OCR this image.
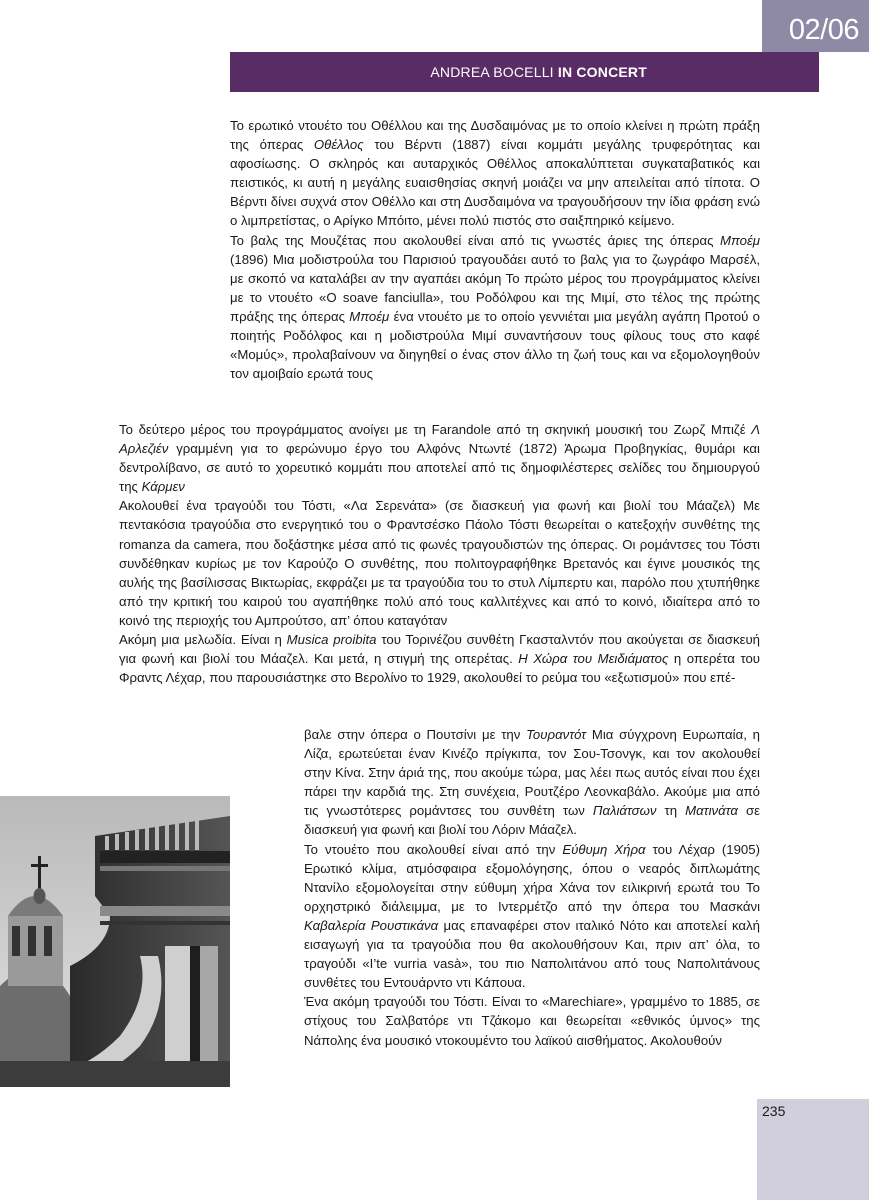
02/06
ANDREA BOCELLI IN CONCERT

Το ερωτικό ντουέτο του Οθέλλου και της Δυσδαιμόνας με το οποίο κλείνει η πρώτη πράξη της όπερας Οθέλλος του Βέρντι (1887) είναι κομμάτι μεγάλης τρυφερότητας και αφοσίωσης. Ο σκληρός και αυταρχικός Οθέλλος αποκαλύπτεται συγκαταβατικός και πειστικός, κι αυτή η μεγάλης ευαισθησίας σκηνή μοιάζει να μην απειλείται από τίποτα. Ο Βέρντι δίνει συχνά στον Οθέλλο και στη Δυσδαιμόνα να τραγουδήσουν την ίδια φράση ενώ ο λιμπρετίστας, ο Αρίγκο Μπόιτο, μένει πολύ πιστός στο σαιξπηρικό κείμενο.

Το βαλς της Μουζέτας που ακολουθεί είναι από τις γνωστές άριες της όπερας Μποέμ (1896) Μια μοδιστρούλα του Παρισιού τραγουδάει αυτό το βαλς για το ζωγράφο Μαρσέλ, με σκοπό να καταλάβει αν την αγαπάει ακόμη Το πρώτο μέρος του προγράμματος κλείνει με το ντουέτο «O soave fanciulla», του Ροδόλφου και της Μιμί, στο τέλος της πρώτης πράξης της όπερας Μποέμ ένα ντουέτο με το οποίο γεννιέται μια μεγάλη αγάπη Προτού ο ποιητής Ροδόλφος και η μοδιστρούλα Μιμί συναντήσουν τους φίλους τους στο καφέ «Μομύς», προλαβαίνουν να διηγηθεί ο ένας στον άλλο τη ζωή τους και να εξομολογηθούν τον αμοιβαίο ερωτά τους

Το δεύτερο μέρος του προγράμματος ανοίγει με τη Farandole από τη σκηνική μουσική του Ζωρζ Μπιζέ Λ Αρλεζιέν γραμμένη για το φερώνυμο έργο του Αλφόνς Ντωντέ (1872) Άρωμα Προβηγκίας, θυμάρι και δεντρολίβανο, σε αυτό το χορευτικό κομμάτι που αποτελεί από τις δημοφιλέστερες σελίδες του δημιουργού της Κάρμεν

Ακολουθεί ένα τραγούδι του Τόστι, «Λα Σερενάτα» (σε διασκευή για φωνή και βιολί του Μάαζελ) Με πεντακόσια τραγούδια στο ενεργητικό του ο Φραντσέσκο Πάολο Τόστι θεωρείται ο κατεξοχήν συνθέτης της romanza da camera, που δοξάστηκε μέσα από τις φωνές τραγουδιστών της όπερας. Οι ρομάντσες του Τόστι συνδέθηκαν κυρίως με τον Καρούζο Ο συνθέτης, που πολιτογραφήθηκε Βρετανός και έγινε μουσικός της αυλής της βασίλισσας Βικτωρίας, εκφράζει με τα τραγούδια του το στυλ Λίμπερτυ και, παρόλο που χτυπήθηκε από την κριτική του καιρού του αγαπήθηκε πολύ από τους καλλιτέχνες και από το κοινό, ιδιαίτερα από το κοινό της περιοχής του Αμπρούτσο, απ’ όπου καταγόταν

Ακόμη μια μελωδία. Είναι η Musica proibita του Τορινέζου συνθέτη Γκασταλντόν που ακούγεται σε διασκευή για φωνή και βιολί του Μάαζελ. Και μετά, η στιγμή της οπερέτας. Η Χώρα του Μειδιάματος η οπερέτα του Φραντς Λέχαρ, που παρουσιάστηκε στο Βερολίνο το 1929, ακολουθεί το ρεύμα του «εξωτισμού» που επέ-

βαλε στην όπερα ο Πουτσίνι με την Τουραντότ Μια σύγχρονη Ευρωπαία, η Λίζα, ερωτεύεται έναν Κινέζο πρίγκιπα, τον Σου-Τσονγκ, και τον ακολουθεί στην Κίνα. Στην άριά της, που ακούμε τώρα, μας λέει πως αυτός είναι που έχει πάρει την καρδιά της. Στη συνέχεια, Ρουτζέρο Λεονκαβάλο. Ακούμε μια από τις γνωστότερες ρομάντσες του συνθέτη των Παλιάτσων τη Ματινάτα σε διασκευή για φωνή και βιολί του Λόριν Μάαζελ.

Το ντουέτο που ακολουθεί είναι από την Εύθυμη Χήρα του Λέχαρ (1905) Ερωτικό κλίμα, ατμόσφαιρα εξομολόγησης, όπου ο νεαρός διπλωμάτης Ντανίλο εξομολογείται στην εύθυμη χήρα Χάνα τον ειλικρινή ερωτά του Το ορχηστρικό διάλειμμα, με το Ιντερμέτζο από την όπερα του Μασκάνι Καβαλερία Ρουστικάνα μας επαναφέρει στον ιταλικό Νότο και αποτελεί καλή εισαγωγή για τα τραγούδια που θα ακολουθήσουν Και, πριν απ’ όλα, το τραγούδι «I’te vurria vasà», του πιο Ναπολιτάνου από τους Ναπολιτάνους συνθέτες του Εντουάρντο ντι Κάπουα.

Ένα ακόμη τραγούδι του Τόστι. Είναι το «Marechiare», γραμμένο το 1885, σε στίχους του Σαλβατόρε ντι Τζάκομο και θεωρείται «εθνικός ύμνος» της Νάπολης ένα μουσικό ντοκουμέντο του λαϊκού αισθήματος. Ακολουθούν

235
